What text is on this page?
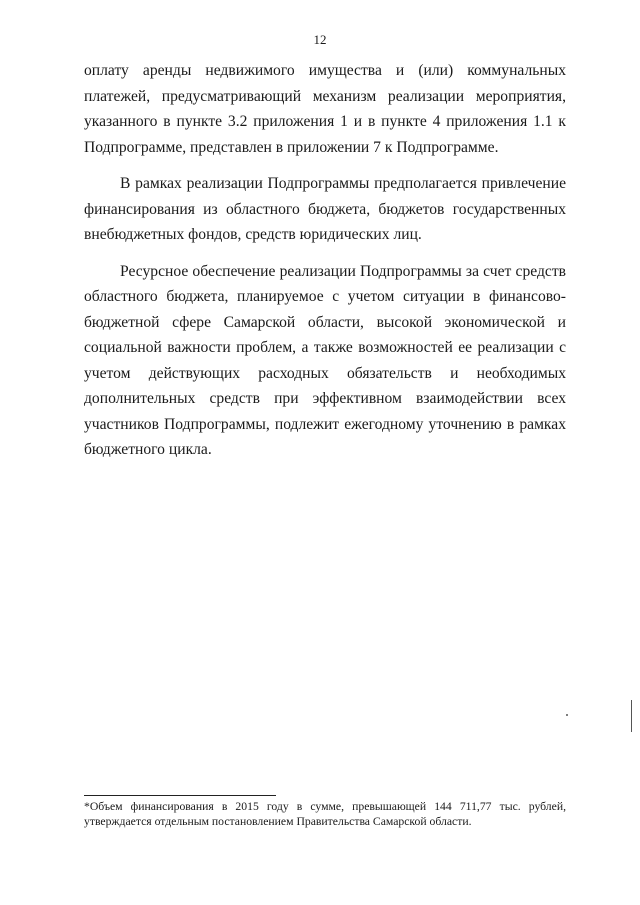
12

оплату аренды недвижимого имущества и (или) коммунальных платежей, предусматривающий механизм реализации мероприятия, указанного в пункте 3.2 приложения 1 и в пункте 4 приложения 1.1 к Подпрограмме, представлен в приложении 7 к Подпрограмме.

В рамках реализации Подпрограммы предполагается привлечение финансирования из областного бюджета, бюджетов государственных внебюджетных фондов, средств юридических лиц.

Ресурсное обеспечение реализации Подпрограммы за счет средств областного бюджета, планируемое с учетом ситуации в финансово-бюджетной сфере Самарской области, высокой экономической и социальной важности проблем, а также возможностей ее реализации с учетом действующих расходных обязательств и необходимых дополнительных средств при эффективном взаимодействии всех участников Подпрограммы, подлежит ежегодному уточнению в рамках бюджетного цикла.

*Объем финансирования в 2015 году в сумме, превышающей 144 711,77 тыс. рублей, утверждается отдельным постановлением Правительства Самарской области.
